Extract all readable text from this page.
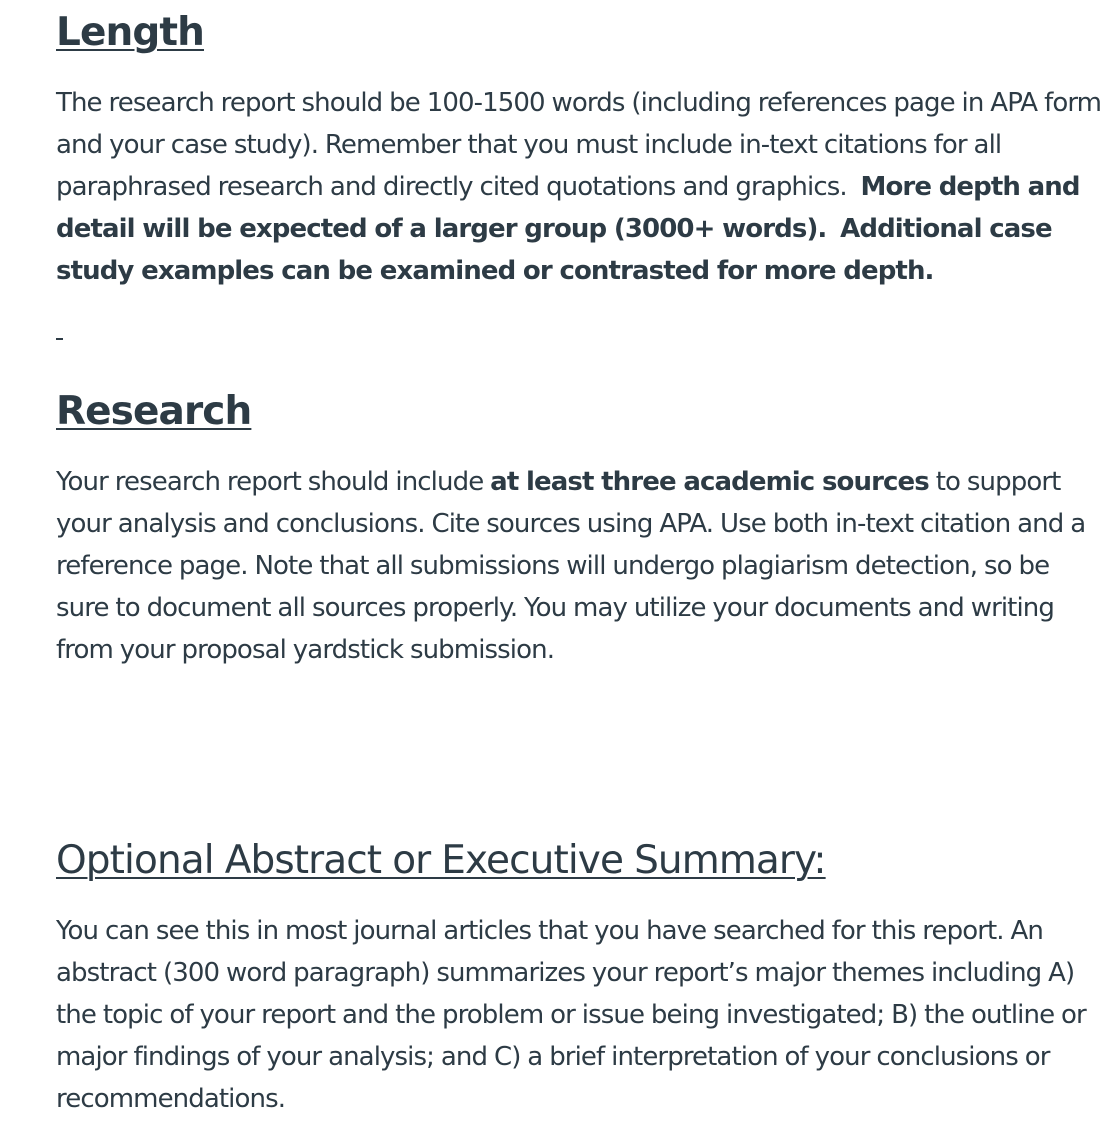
Length

The research report should be 100-1500 words (including references page in APA form and your case study). Remember that you must include in-text citations for all paraphrased research and directly cited quotations and graphics. More depth and detail will be expected of a larger group (3000+ words). Additional case study examples can be examined or contrasted for more depth.

Research

Your research report should include at least three academic sources to support your analysis and conclusions. Cite sources using APA. Use both in-text citation and a reference page. Note that all submissions will undergo plagiarism detection, so be sure to document all sources properly. You may utilize your documents and writing from your proposal yardstick submission.

Optional Abstract or Executive Summary:

You can see this in most journal articles that you have searched for this report. An abstract (300 word paragraph) summarizes your report’s major themes including A) the topic of your report and the problem or issue being investigated; B) the outline or major findings of your analysis; and C) a brief interpretation of your conclusions or recommendations.
